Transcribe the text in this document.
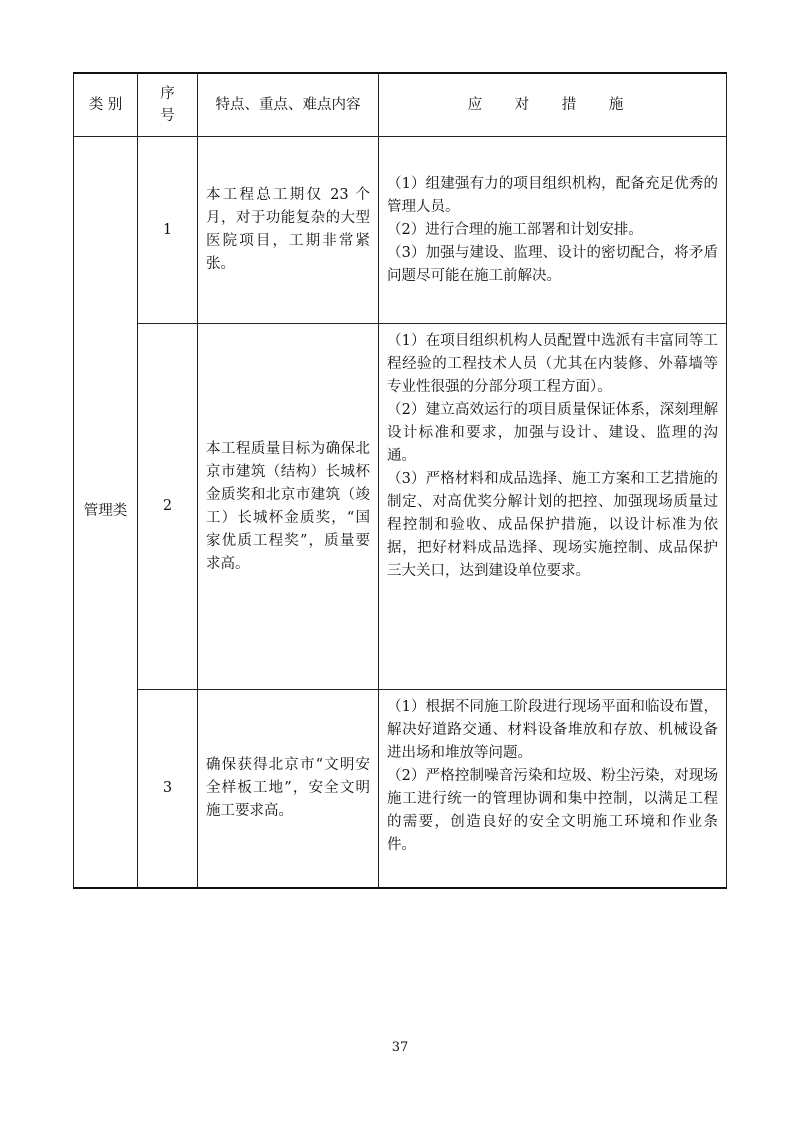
类 别	序号	特点、重点、难点内容	应 对 措 施
管理类	1	本工程总工期仅 23 个月，对于功能复杂的大型医院项目，工期非常紧张。	（1）组建强有力的项目组织机构，配备充足优秀的管理人员。
（2）进行合理的施工部署和计划安排。
（3）加强与建设、监理、设计的密切配合，将矛盾问题尽可能在施工前解决。

	2	本工程质量目标为确保北京市建筑（结构）长城杯金质奖和北京市建筑（竣工）长城杯金质奖，“国家优质工程奖”，质量要求高。	（1）在项目组织机构人员配置中选派有丰富同等工程经验的工程技术人员（尤其在内装修、外幕墙等专业性很强的分部分项工程方面）。
（2）建立高效运行的项目质量保证体系，深刻理解设计标准和要求，加强与设计、建设、监理的沟通。
（3）严格材料和成品选择、施工方案和工艺措施的制定、对高优奖分解计划的把控、加强现场质量过程控制和验收、成品保护措施，以设计标准为依据，把好材料成品选择、现场实施控制、成品保护三大关口，达到建设单位要求。

	3	确保获得北京市“文明安全样板工地”，安全文明施工要求高。	（1）根据不同施工阶段进行现场平面和临设布置，解决好道路交通、材料设备堆放和存放、机械设备进出场和堆放等问题。
（2）严格控制噪音污染和垃圾、粉尘污染，对现场施工进行统一的管理协调和集中控制，以满足工程的需要，创造良好的安全文明施工环境和作业条件。
37
